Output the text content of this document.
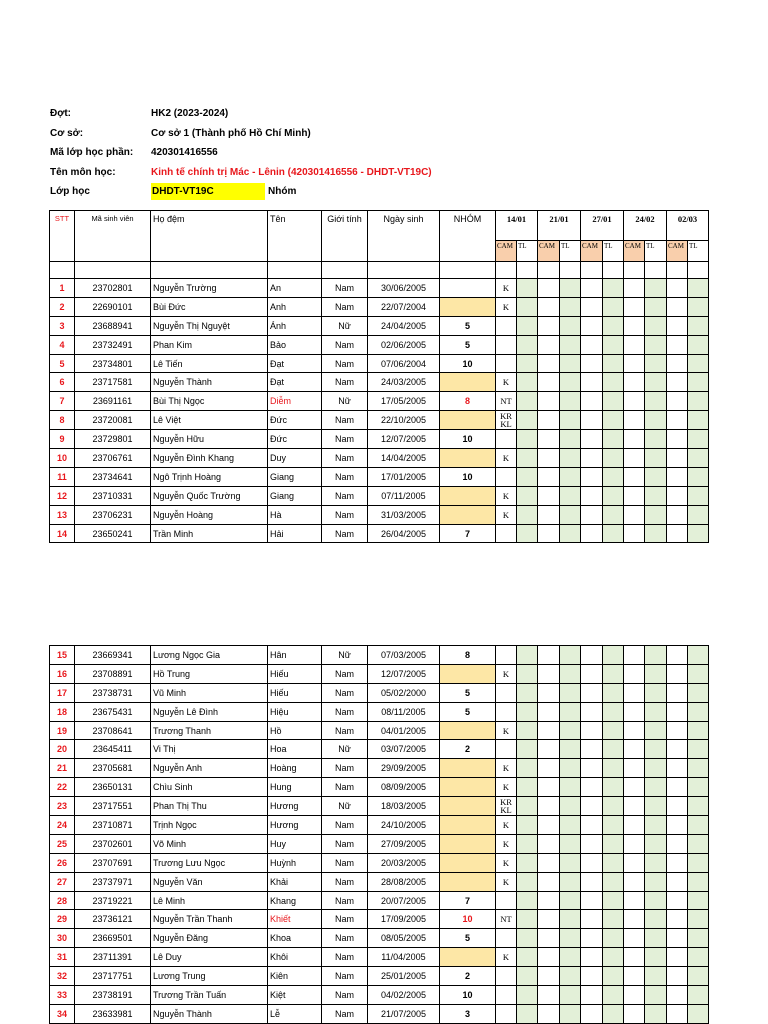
Đợt:	HK2 (2023-2024)
Cơ sở:	Cơ sở 1 (Thành phố Hồ Chí Minh)
Mã lớp học phần: 420301416556
Tên môn học:	Kinh tế chính trị Mác - Lênin (420301416556 - DHDT-VT19C)
Lớp học	DHDT-VT19C	Nhóm
STT	Mã sinh viên	Họ đệm	Tên	Giới tính	Ngày sinh	NHÓM	14/01		21/01		27/01		24/02		02/03	
							CAM	TL	CAM	TL	CAM	TL	CAM	TL	CAM	TL

1	23702801	Nguyễn Trường	An	Nam	30/06/2005		K									
2	22690101	Bùi Đức	Anh	Nam	22/07/2004		K									
3	23688941	Nguyễn Thị Nguyệt	Ánh	Nữ	24/04/2005	5										
4	23732491	Phan Kim	Bảo	Nam	02/06/2005	5										
5	23734801	Lê Tiến	Đạt	Nam	07/06/2004	10										
6	23717581	Nguyễn Thành	Đạt	Nam	24/03/2005		K									
7	23691161	Bùi Thị Ngọc	Diễm	Nữ	17/05/2005	8	NT									
8	23720081	Lê Việt	Đức	Nam	22/10/2005		KR
KL									
9	23729801	Nguyễn Hữu	Đức	Nam	12/07/2005	10										
10	23706761	Nguyễn Đình Khang	Duy	Nam	14/04/2005		K									
11	23734641	Ngô Trịnh Hoàng	Giang	Nam	17/01/2005	10										
12	23710331	Nguyễn Quốc Trường	Giang	Nam	07/11/2005		K									
13	23706231	Nguyễn Hoàng	Hà	Nam	31/03/2005		K									
14	23650241	Trần Minh	Hải	Nam	26/04/2005	7										
15	23669341	Lương Ngọc Gia	Hân	Nữ	07/03/2005	8										
16	23708891	Hồ Trung	Hiếu	Nam	12/07/2005		K									
17	23738731	Vũ Minh	Hiếu	Nam	05/02/2000	5										
18	23675431	Nguyễn Lê Đình	Hiệu	Nam	08/11/2005	5										
19	23708641	Trương Thanh	Hồ	Nam	04/01/2005		K									
20	23645411	Vi Thị	Hoa	Nữ	03/07/2005	2										
21	23705681	Nguyễn Anh	Hoàng	Nam	29/09/2005		K									
22	23650131	Chìu Sinh	Hung	Nam	08/09/2005		K									
23	23717551	Phan Thị Thu	Hương	Nữ	18/03/2005		KR
KL									
24	23710871	Trịnh Ngọc	Hương	Nam	24/10/2005		K									
25	23702601	Võ Minh	Huy	Nam	27/09/2005		K									
26	23707691	Trương Lưu Ngọc	Huỳnh	Nam	20/03/2005		K									
27	23737971	Nguyễn Văn	Khải	Nam	28/08/2005		K									
28	23719221	Lê Minh	Khang	Nam	20/07/2005	7										
29	23736121	Nguyễn Trần Thanh	Khiết	Nam	17/09/2005	10	NT									
30	23669501	Nguyễn Đăng	Khoa	Nam	08/05/2005	5										
31	23711391	Lê Duy	Khôi	Nam	11/04/2005		K									
32	23717751	Lương Trung	Kiên	Nam	25/01/2005	2										
33	23738191	Trương Trần Tuấn	Kiệt	Nam	04/02/2005	10										
34	23633981	Nguyễn Thành	Lễ	Nam	21/07/2005	3										
